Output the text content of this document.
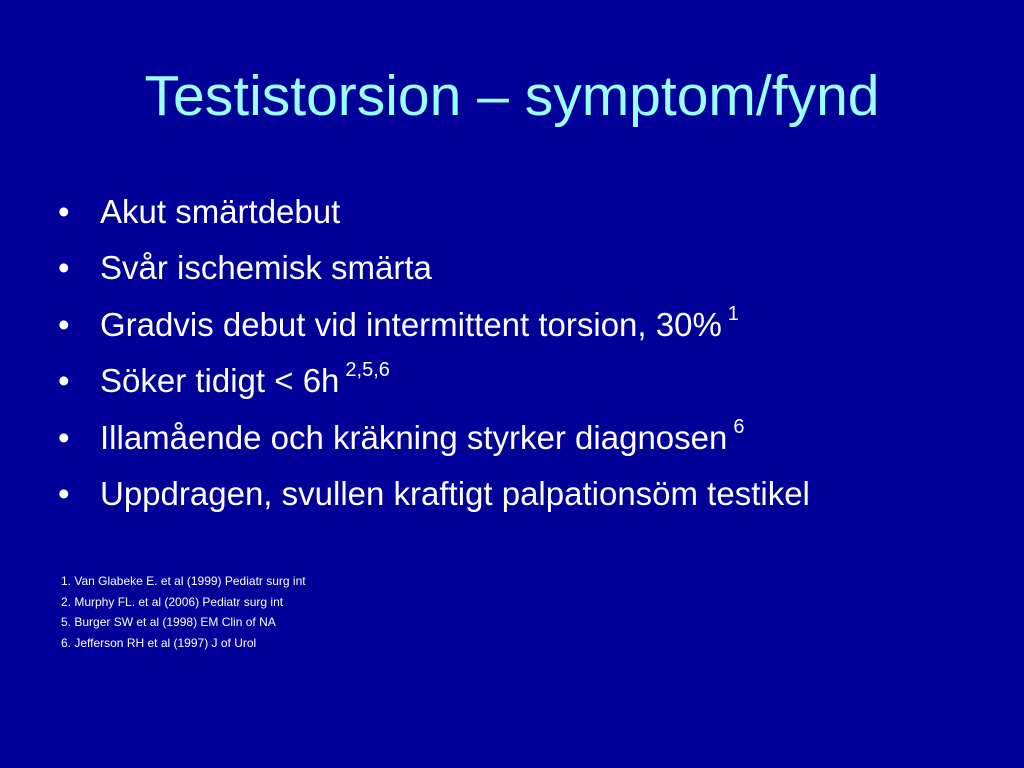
Testistorsion – symptom/fynd
• Akut smärtdebut
• Svår ischemisk smärta
• Gradvis debut vid intermittent torsion, 30% $^1$
• Söker tidigt < 6h $^{2,5,6}$
• Illamående och kräkning styrker diagnosen $^6$
• Uppdragen, svullen kraftigt palpationsöm testikel
1. Van Glabeke E. et al (1999) Pediatr surg int
2. Murphy FL. et al (2006) Pediatr surg int
5. Burger SW et al (1998) EM Clin of NA
6. Jefferson RH et al (1997) J of Urol
